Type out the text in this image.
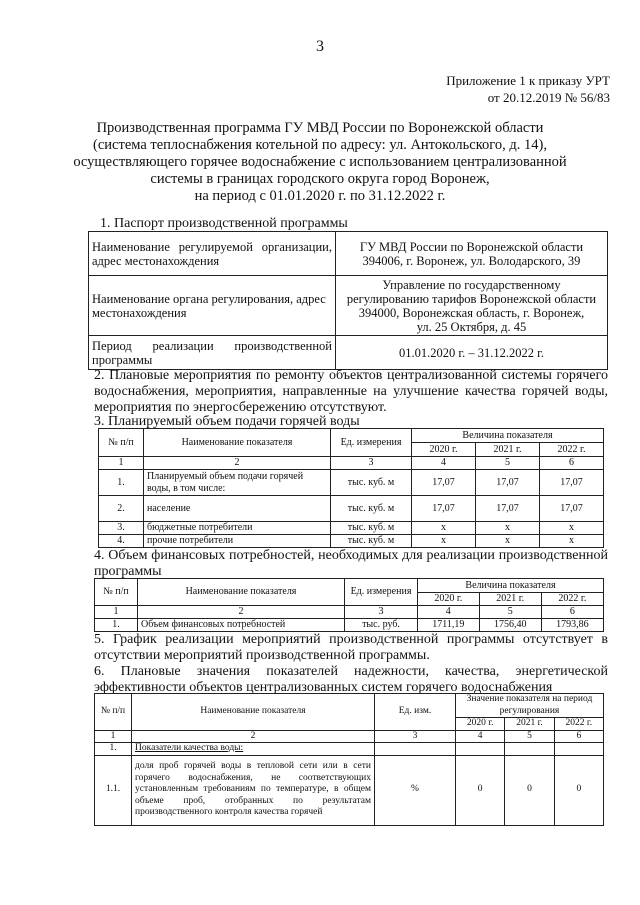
3
Приложение 1 к приказу УРТ
от 20.12.2019 № 56/83
Производственная программа ГУ МВД России по Воронежской области
(система теплоснабжения котельной по адресу: ул. Антокольского, д. 14),
осуществляющего горячее водоснабжение с использованием централизованной
системы в границах городского округа город Воронеж,
на период с 01.01.2020 г. по 31.12.2022 г.
1. Паспорт производственной программы
Наименование регулируемой организации, адрес местонахождения	ГУ МВД России по Воронежской области
394006, г. Воронеж, ул. Володарского, 39

Наименование органа регулирования, адрес местонахождения	Управление по государственному
регулированию тарифов Воронежской области
394000, Воронежская область, г. Воронеж,
ул. 25 Октября, д. 45

Период реализации производственной программы	01.01.2020 г. – 31.12.2022 г.
2. Плановые мероприятия по ремонту объектов централизованной системы горячего водоснабжения, мероприятия, направленные на улучшение качества горячей воды, мероприятия по энергосбережению отсутствуют.
3. Планируемый объем подачи горячей воды
№ п/п	Наименование показателя	Ед. измерения	Величина показателя		
			2020 г.	2021 г.	2022 г.
1	2	3	4	5	6
1.	Планируемый объем подачи горячей воды, в том числе:	тыс. куб. м	17,07	17,07	17,07
2.	население	тыс. куб. м	17,07	17,07	17,07
3.	бюджетные потребители	тыс. куб. м	х	х	х
4.	прочие потребители	тыс. куб. м	х	х	х
4. Объем финансовых потребностей, необходимых для реализации производственной программы
№ п/п	Наименование показателя	Ед. измерения	Величина показателя		
			2020 г.	2021 г.	2022 г.
1	2	3	4	5	6
1.	Объем финансовых потребностей	тыс. руб.	1711,19	1756,40	1793,86
5. График реализации мероприятий производственной программы отсутствует в отсутствии мероприятий производственной программы.
6. Плановые значения показателей надежности, качества, энергетической эффективности объектов централизованных систем горячего водоснабжения
№ п/п	Наименование показателя	Ед. изм.	Значение показателя на период регулирования		
			2020 г.	2021 г.	2022 г.
1	2	3	4	5	6
1.	Показатели качества воды:				
1.1.	доля проб горячей воды в тепловой сети или в сети горячего водоснабжения, не соответствующих установленным требованиям по температуре, в общем объеме проб, отобранных по результатам производственного контроля качества горячей	%	0	0	0
